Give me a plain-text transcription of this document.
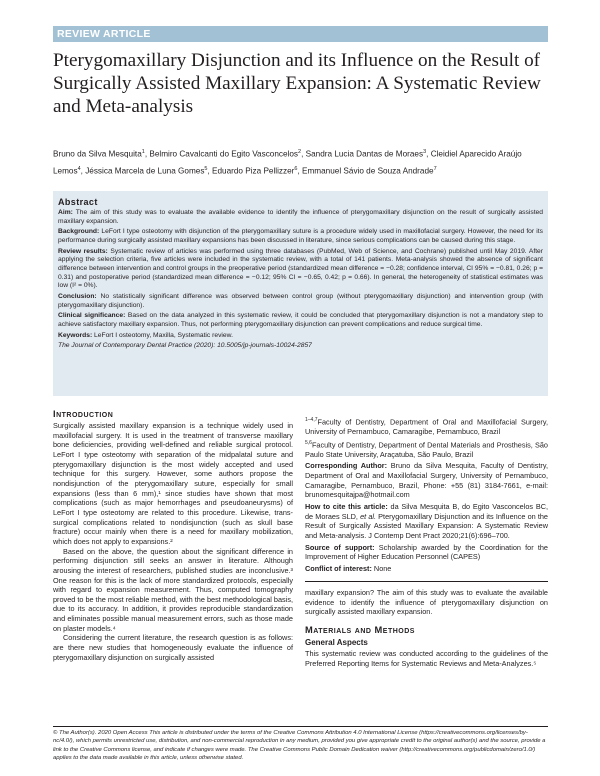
REVIEW ARTICLE
Pterygomaxillary Disjunction and its Influence on the Result of Surgically Assisted Maxillary Expansion: A Systematic Review and Meta-analysis
Bruno da Silva Mesquita$^1$, Belmiro Cavalcanti do Egito Vasconcelos$^2$, Sandra Lucia Dantas de Moraes$^3$, Cleidiel Aparecido Araújo Lemos$^4$, Jéssica Marcela de Luna Gomes$^5$, Eduardo Piza Pellizzer$^6$, Emmanuel Sávio de Souza Andrade$^7$
Abstract

Aim: The aim of this study was to evaluate the available evidence to identify the influence of pterygomaxillary disjunction on the result of surgically assisted maxillary expansion.

Background: LeFort I type osteotomy with disjunction of the pterygomaxillary suture is a procedure widely used in maxillofacial surgery. However, the need for its performance during surgically assisted maxillary expansions has been discussed in literature, since serious complications can be caused during this stage.

Review results: Systematic review of articles was performed using three databases (PubMed, Web of Science, and Cochrane) published until May 2019. After applying the selection criteria, five articles were included in the systematic review, with a total of 141 patients. Meta-analysis showed the absence of significant difference between intervention and control groups in the preoperative period (standardized mean difference = −0.28; confidence interval, CI 95% = −0.81, 0.26; p = 0.31) and postoperative period (standardized mean difference = −0.12; 95% CI = −0.65, 0.42; p = 0.66). In general, the heterogeneity of statistical estimates was low (I² = 0%).

Conclusion: No statistically significant difference was observed between control group (without pterygomaxillary disjunction) and intervention group (with pterygomaxillary disjunction).

Clinical significance: Based on the data analyzed in this systematic review, it could be concluded that pterygomaxillary disjunction is not a mandatory step to achieve satisfactory maxillary expansion. Thus, not performing pterygomaxillary disjunction can prevent complications and reduce surgical time.

Keywords: LeFort I osteotomy, Maxilla, Systematic review.

The Journal of Contemporary Dental Practice (2020): 10.5005/jp-journals-10024-2857

Introduction

Surgically assisted maxillary expansion is a technique widely used in maxillofacial surgery. It is used in the treatment of transverse maxillary bone deficiencies, providing well-defined and reliable surgical protocol. LeFort I type osteotomy with separation of the midpalatal suture and pterygomaxillary disjunction is the most widely accepted and used technique for this surgery. However, some authors propose the nondisjunction of the pterygomaxillary suture, especially for small expansions (less than 6 mm),¹ since studies have shown that most complications (such as major hemorrhages and pseudoaneurysms) of LeFort I type osteotomy are related to this procedure. Likewise, trans-surgical complications related to nondisjunction (such as skull base fracture) occur mainly when there is a need for maxillary mobilization, which does not apply to expansions.²

Based on the above, the question about the significant difference in performing disjunction still seeks an answer in literature. Although arousing the interest of researchers, published studies are inconclusive.³ One reason for this is the lack of more standardized protocols, especially with regard to expansion measurement. Thus, computed tomography proved to be the most reliable method, with the best methodological basis, due to its accuracy. In addition, it provides reproducible standardization and eliminates possible manual measurement errors, such as those made on plaster models.⁴

Considering the current literature, the research question is as follows: are there new studies that homogeneously evaluate the influence of pterygomaxillary disjunction on surgically assisted

$^{1-4,7}$Faculty of Dentistry, Department of Oral and Maxillofacial Surgery, University of Pernambuco, Camaragibe, Pernambuco, Brazil

$^{5,6}$Faculty of Dentistry, Department of Dental Materials and Prosthesis, São Paulo State University, Araçatuba, São Paulo, Brazil

Corresponding Author: Bruno da Silva Mesquita, Faculty of Dentistry, Department of Oral and Maxillofacial Surgery, University of Pernambuco, Camaragibe, Pernambuco, Brazil, Phone: +55 (81) 3184-7661, e-mail: brunomesquitajpa@hotmail.com

How to cite this article: da Silva Mesquita B, do Egito Vasconcelos BC, de Moraes SLD, et al. Pterygomaxillary Disjunction and its Influence on the Result of Surgically Assisted Maxillary Expansion: A Systematic Review and Meta-analysis. J Contemp Dent Pract 2020;21(6):696–700.

Source of support: Scholarship awarded by the Coordination for the Improvement of Higher Education Personnel (CAPES)

Conflict of interest: None

maxillary expansion? The aim of this study was to evaluate the available evidence to identify the influence of pterygomaxillary disjunction on surgically assisted maxillary expansion.

Materials and Methods
General Aspects

This systematic review was conducted according to the guidelines of the Preferred Reporting Items for Systematic Reviews and Meta-Analyzes.⁵

© The Author(s). 2020 Open Access This article is distributed under the terms of the Creative Commons Attribution 4.0 International License (https://creativecommons.org/licenses/by-nc/4.0/), which permits unrestricted use, distribution, and non-commercial reproduction in any medium, provided you give appropriate credit to the original author(s) and the source, provide a link to the Creative Commons license, and indicate if changes were made. The Creative Commons Public Domain Dedication waiver (http://creativecommons.org/publicdomain/zero/1.0/) applies to the data made available in this article, unless otherwise stated.
